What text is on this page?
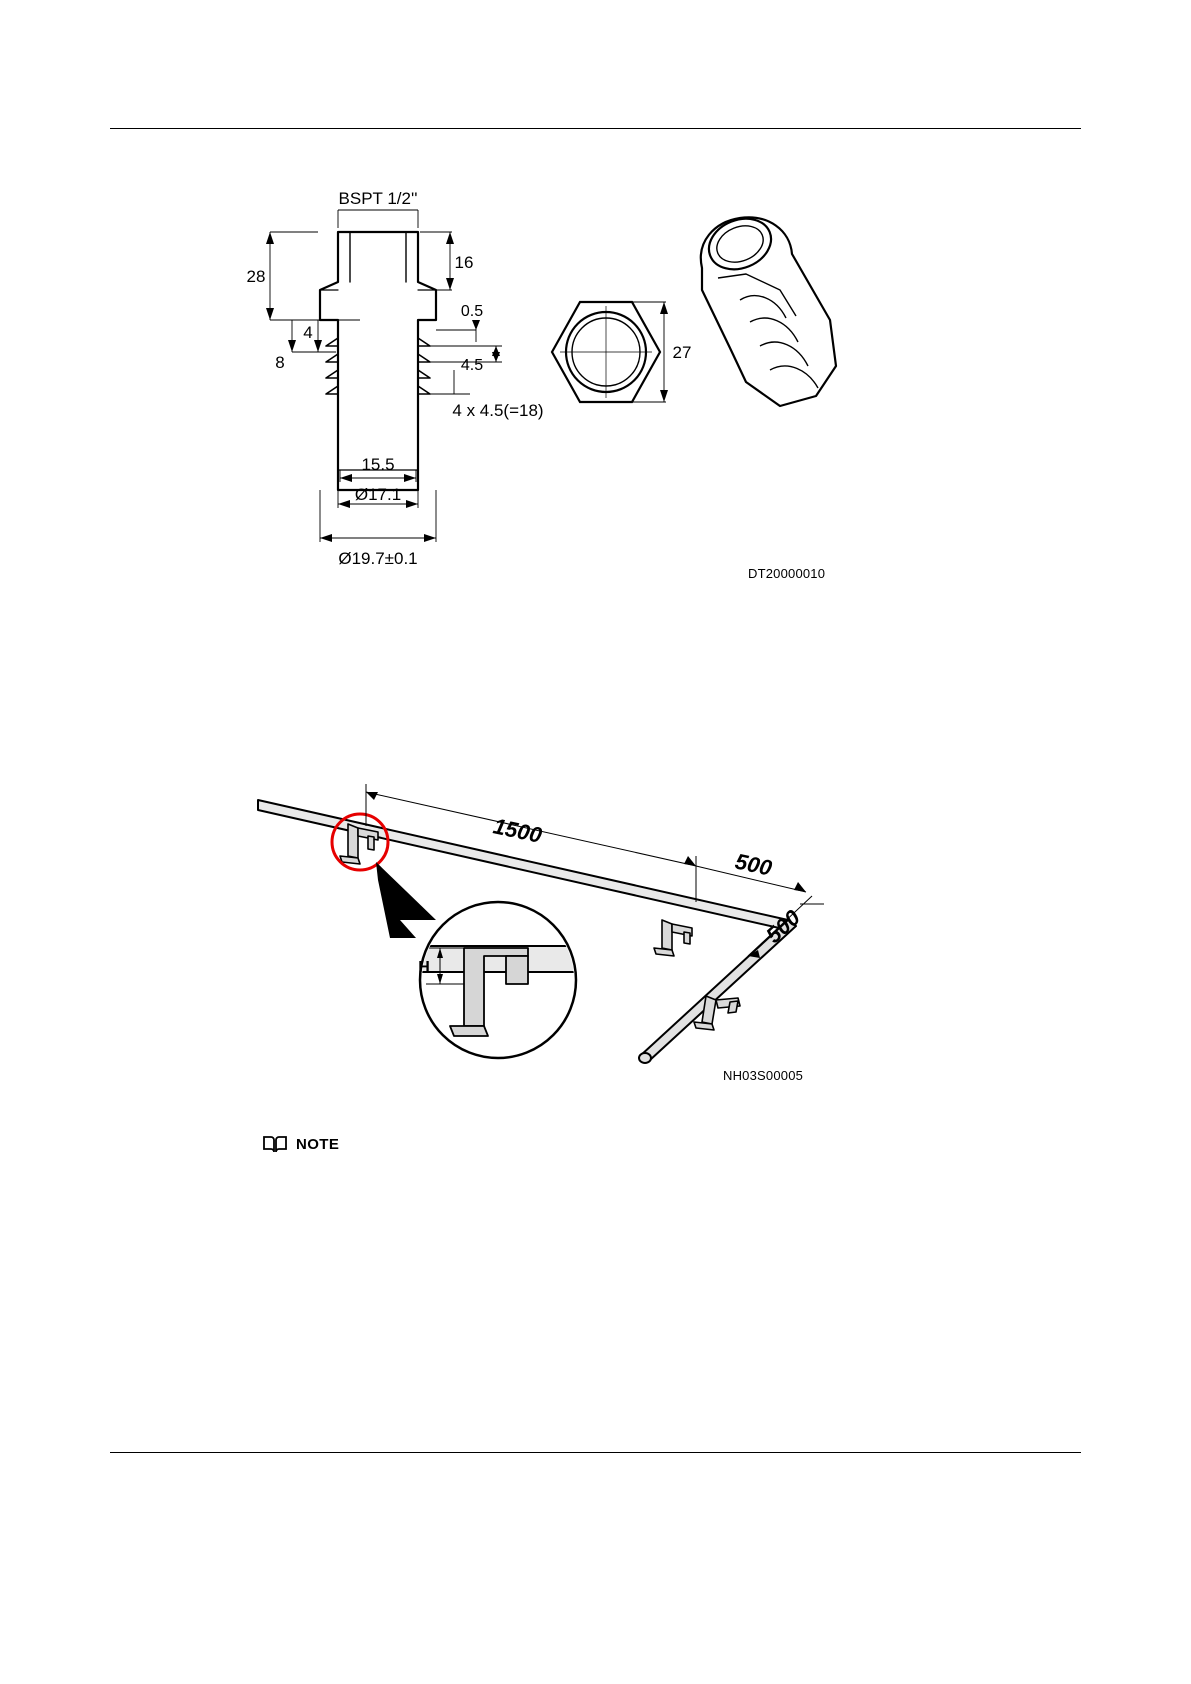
BSPT 1/2''
28
8
4
16
0.5
4.5
4 x 4.5(=18)
15.5
Ø17.1
Ø19.7±0.1
27
DT20000010
H
1500
500
500
NH03S00005
NOTE
